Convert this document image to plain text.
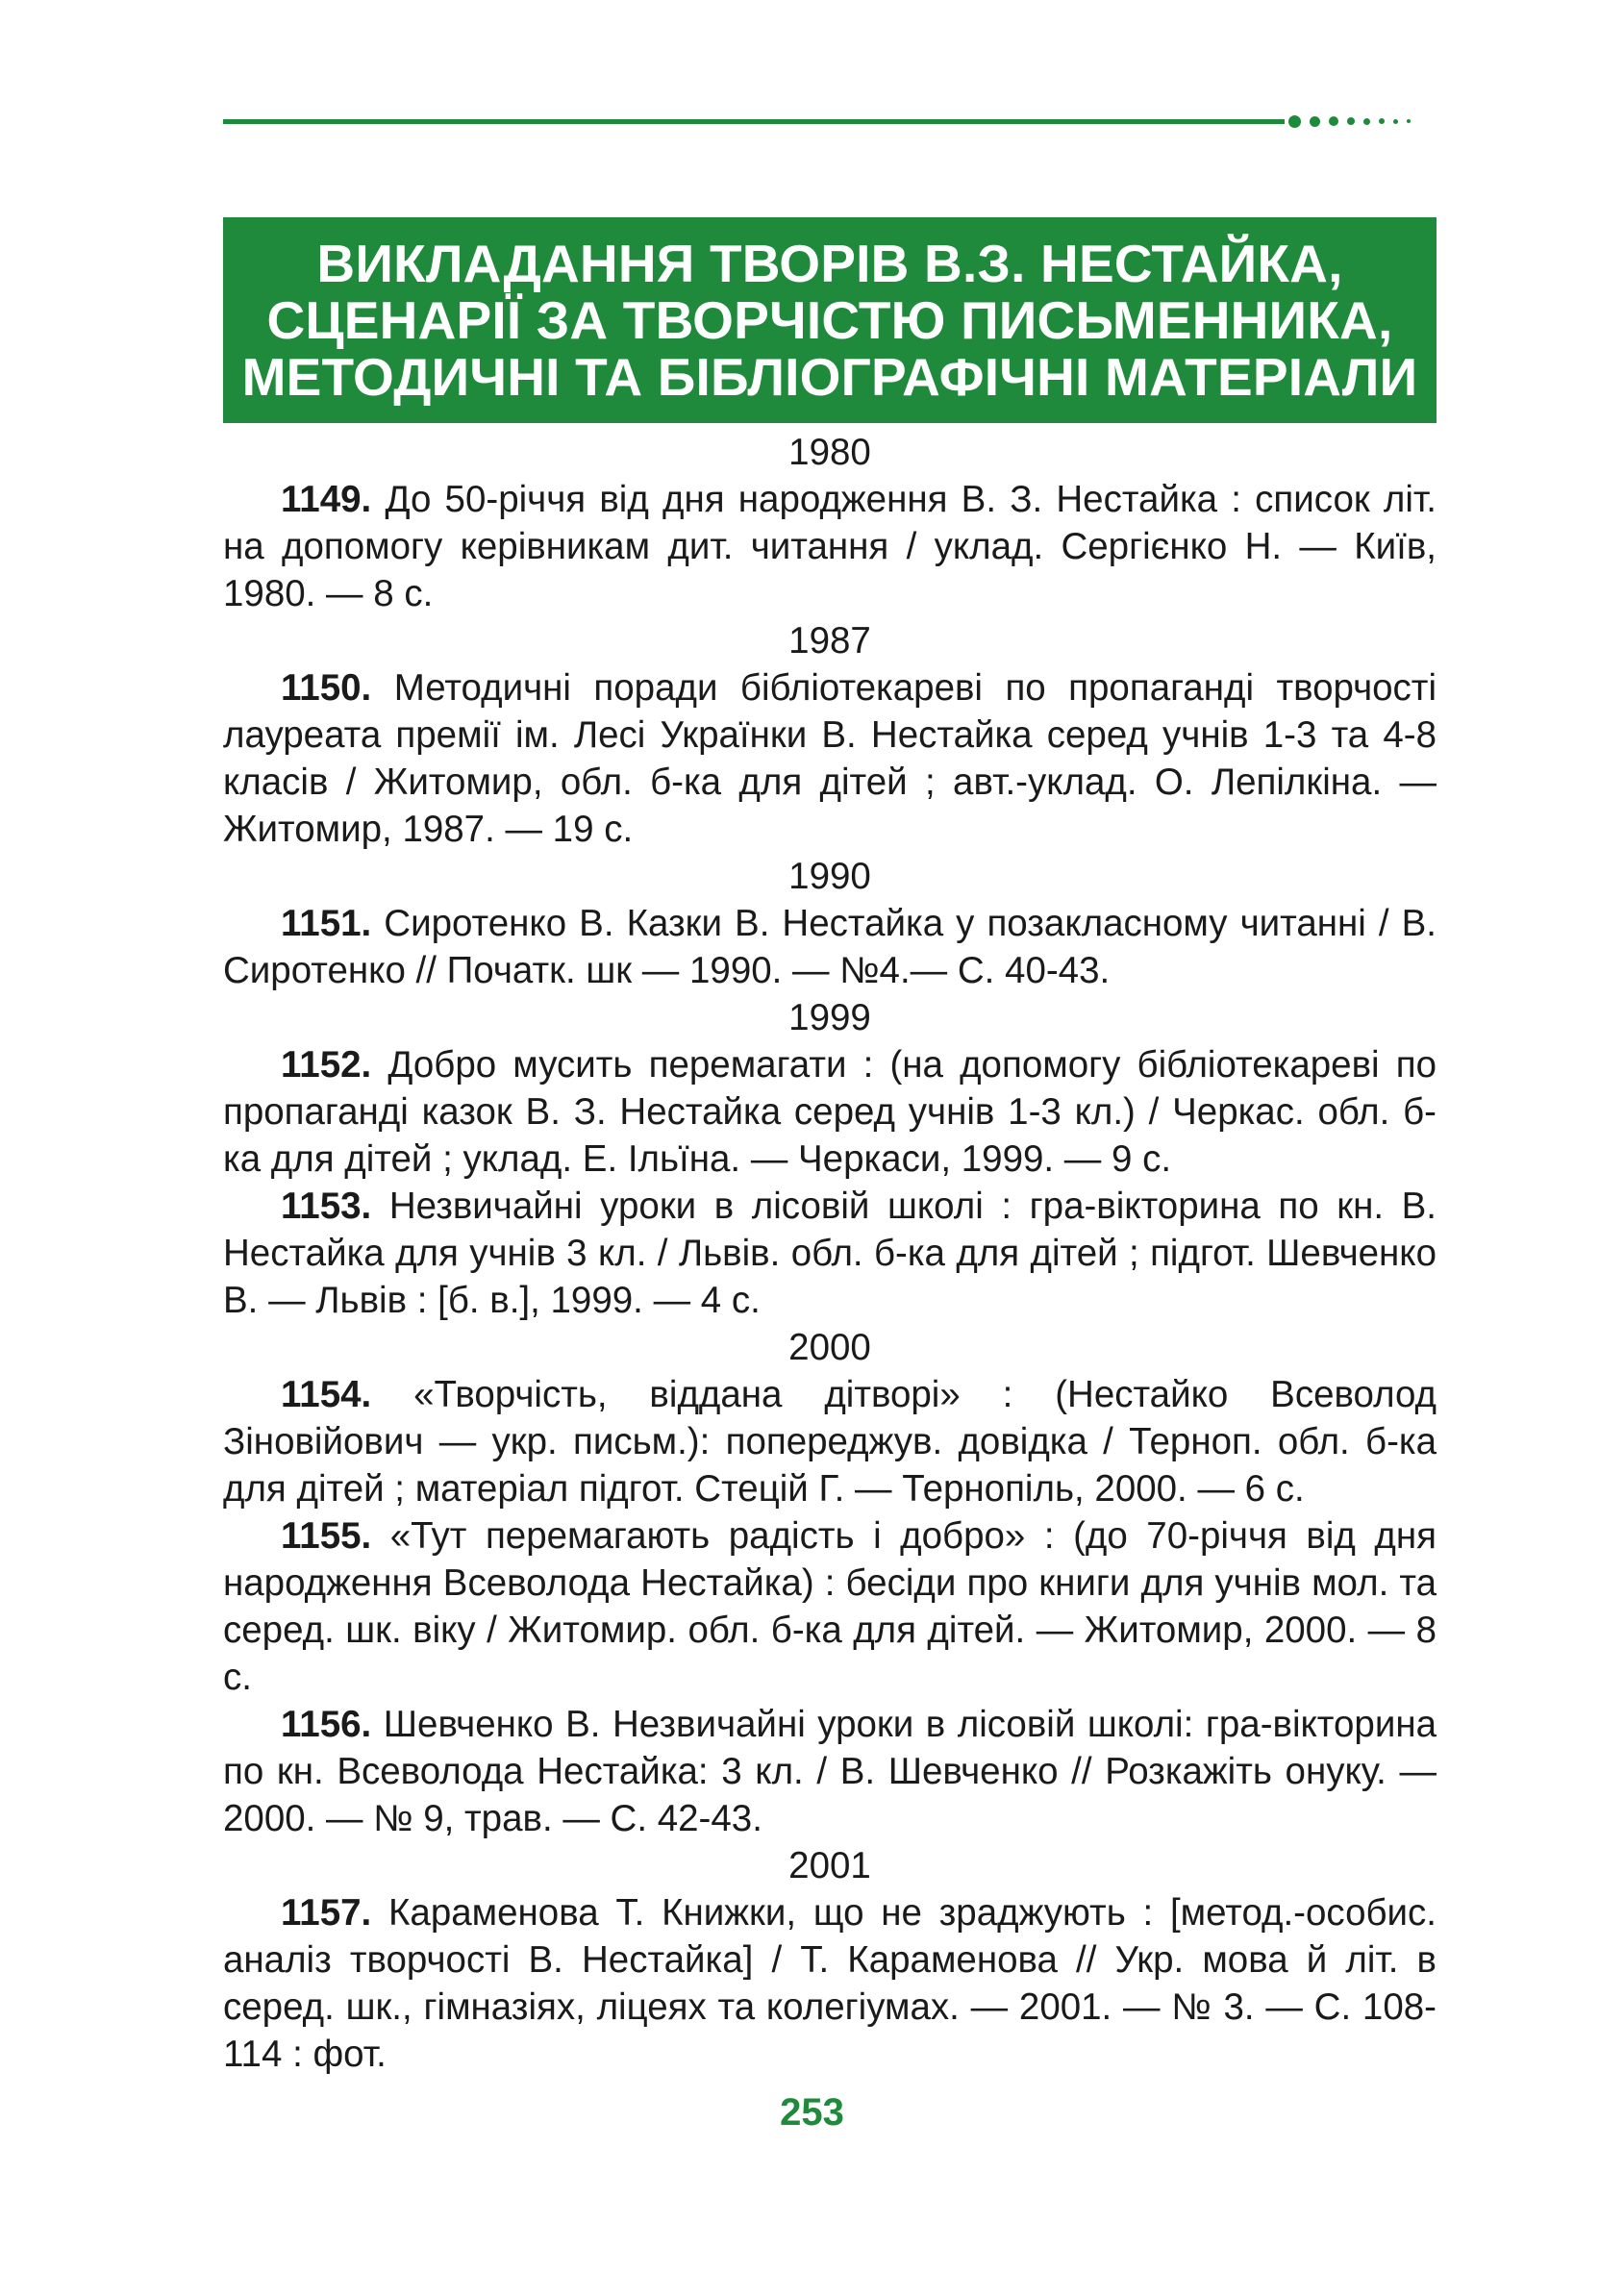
ВИКЛАДАННЯ ТВОРІВ В.З. НЕСТАЙКА,
СЦЕНАРІЇ ЗА ТВОРЧІСТЮ ПИСЬМЕННИКА,
МЕТОДИЧНІ ТА БІБЛІОГРАФІЧНІ МАТЕРІАЛИ

1980

1149. До 50-річчя від дня народження В. З. Нестайка : список літ. на допомогу керівникам дит. читання / уклад. Сергієнко Н. — Київ, 1980. — 8 с.

1987

1150. Методичні поради бібліотекареві по пропаганді творчості лауреата премії ім. Лесі Українки В. Нестайка серед учнів 1-3 та 4-8 класів / Житомир, обл. б-ка для дітей ; авт.-уклад. О. Лепілкіна. — Житомир, 1987. — 19 с.

1990

1151. Сиротенко В. Казки В. Нестайка у позакласному читанні / В. Сиротенко // Початк. шк — 1990. — №4.— С. 40-43.

1999

1152. Добро мусить перемагати : (на допомогу бібліотекареві по пропаганді казок В. З. Нестайка серед учнів 1-3 кл.) / Черкас. обл. б-ка для дітей ; уклад. Е. Ільїна. — Черкаси, 1999. — 9 с.

1153. Незвичайні уроки в лісовій школі : гра-вікторина по кн. В. Нестайка для учнів 3 кл. / Львів. обл. б-ка для дітей ; підгот. Шевченко В. — Львів : [б. в.], 1999. — 4 с.

2000

1154. «Творчість, віддана дітворі» : (Нестайко Всеволод Зіновійович — укр. письм.): попереджув. довідка / Терноп. обл. б-ка для дітей ; матеріал підгот. Стецій Г. — Тернопіль, 2000. — 6 с.

1155. «Тут перемагають радість і добро» : (до 70-річчя від дня народження Всеволода Нестайка) : бесіди про книги для учнів мол. та серед. шк. віку / Житомир. обл. б-ка для дітей. — Житомир, 2000. — 8 с.

1156. Шевченко В. Незвичайні уроки в лісовій школі: гра-вікторина по кн. Всеволода Нестайка: 3 кл. / В. Шевченко // Розкажіть онуку. — 2000. — № 9, трав. — С. 42-43.

2001

1157. Караменова Т. Книжки, що не зраджують : [метод.-особис. аналіз творчості В. Нестайка] / Т. Караменова // Укр. мова й літ. в серед. шк., гімназіях, ліцеях та колегіумах. — 2001. — № 3. — С. 108-114 : фот.

253
